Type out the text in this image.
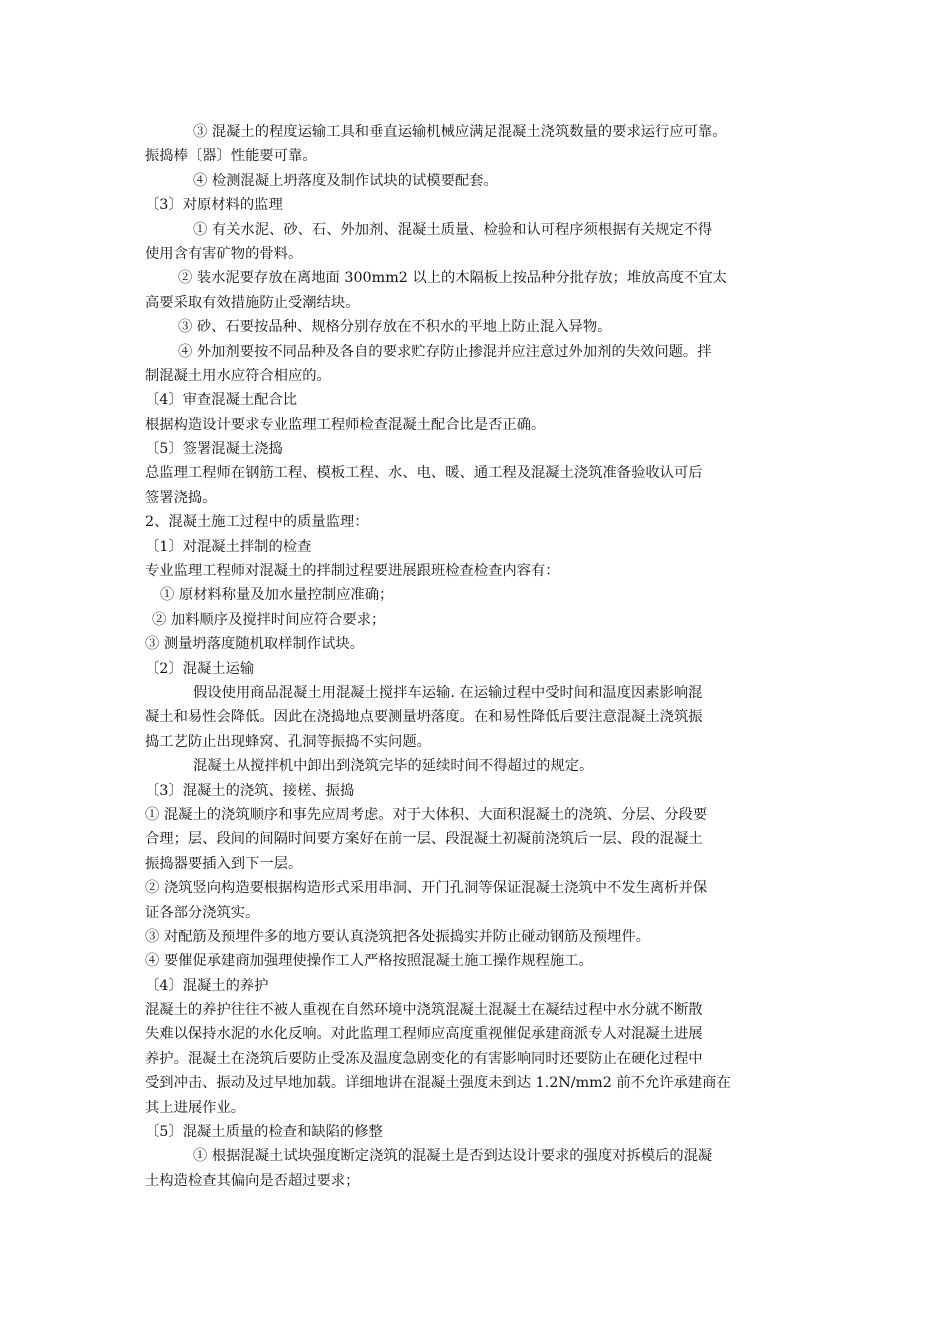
③ 混凝土的程度运输工具和垂直运输机械应满足混凝土浇筑数量的要求运行应可靠。
振捣棒〔器〕性能要可靠。
④ 检测混凝上坍落度及制作试块的试模要配套。
〔3〕对原材料的监理
① 有关水泥、砂、石、外加剂、混凝土质量、检验和认可程序须根据有关规定不得
使用含有害矿物的骨料。
② 装水泥要存放在离地面 300mm2 以上的木隔板上按品种分批存放；堆放高度不宜太
高要采取有效措施防止受潮结块。
③ 砂、石要按品种、规格分别存放在不积水的平地上防止混入异物。
④ 外加剂要按不同品种及各自的要求贮存防止掺混并应注意过外加剂的失效问题。拌
制混凝土用水应符合相应的。
〔4〕审查混凝土配合比
根据构造设计要求专业监理工程师检查混凝土配合比是否正确。
〔5〕签署混凝土浇捣
总监理工程师在钢筋工程、模板工程、水、电、暖、通工程及混凝土浇筑准备验收认可后
签署浇捣。
2、混凝土施工过程中的质量监理：
〔1〕对混凝土拌制的检查
专业监理工程师对混凝土的拌制过程要进展跟班检查检查内容有：
① 原材料称量及加水量控制应准确；
② 加料顺序及搅拌时间应符合要求；
③ 测量坍落度随机取样制作试块。
〔2〕混凝土运输
假设使用商品混凝土用混凝土搅拌车运输. 在运输过程中受时间和温度因素影响混
凝土和易性会降低。因此在浇捣地点要测量坍落度。在和易性降低后要注意混凝土浇筑振
捣工艺防止出现蜂窝、孔洞等振捣不实问题。
混凝土从搅拌机中卸出到浇筑完毕的延续时间不得超过的规定。
〔3〕混凝土的浇筑、接槎、振捣
① 混凝土的浇筑顺序和事先应周考虑。对于大体积、大面积混凝土的浇筑、分层、分段要
合理；层、段间的间隔时间要方案好在前一层、段混凝土初凝前浇筑后一层、段的混凝土
振捣器要插入到下一层。
② 浇筑竖向构造要根据构造形式采用串洞、开门孔洞等保证混凝土浇筑中不发生离析并保
证各部分浇筑实。
③ 对配筋及预埋件多的地方要认真浇筑把各处振捣实并防止碰动钢筋及预埋件。
④ 要催促承建商加强理使操作工人严格按照混凝土施工操作规程施工。
〔4〕混凝土的养护
混凝土的养护往往不被人重视在自然环境中浇筑混凝土混凝土在凝结过程中水分就不断散
失难以保持水泥的水化反响。对此监理工程师应高度重视催促承建商派专人对混凝土进展
养护。混凝土在浇筑后要防止受冻及温度急剧变化的有害影响同时还要防止在硬化过程中
受到冲击、振动及过早地加载。详细地讲在混凝土强度未到达 1.2N/mm2 前不允许承建商在
其上进展作业。
〔5〕混凝土质量的检查和缺陷的修整
① 根据混凝土试块强度断定浇筑的混凝土是否到达设计要求的强度对拆模后的混凝
土构造检查其偏向是否超过要求；
